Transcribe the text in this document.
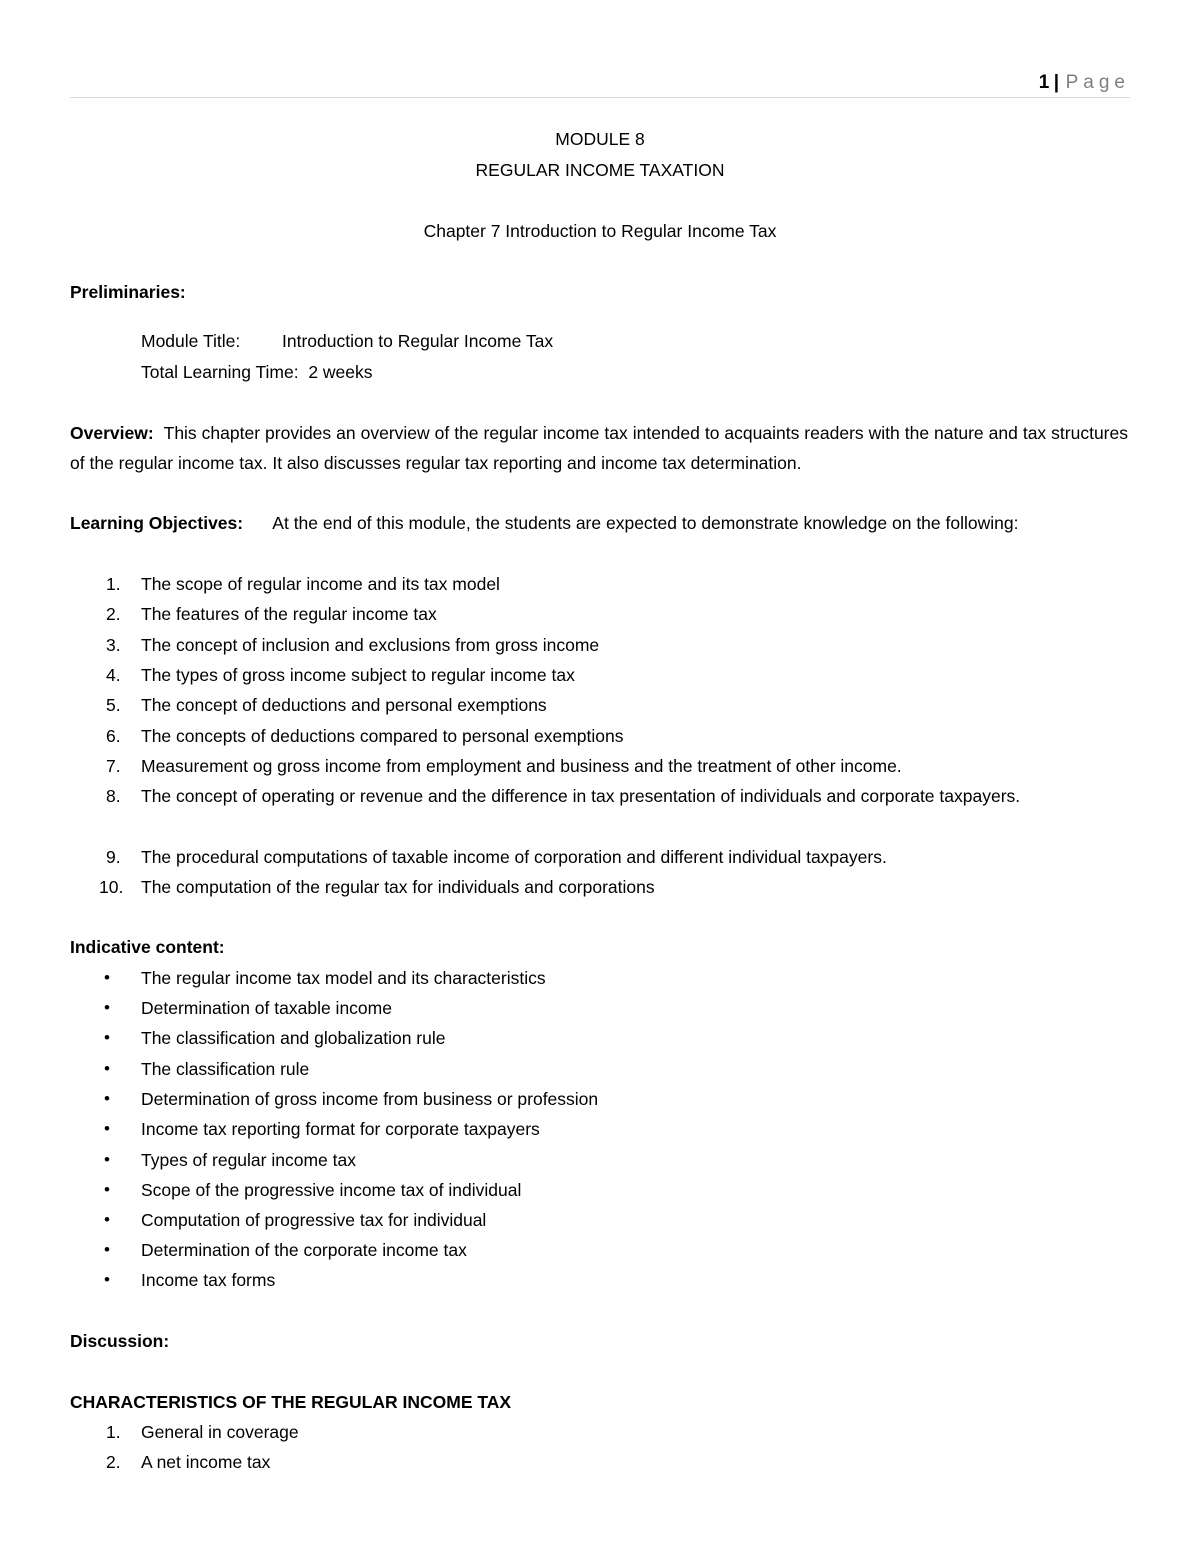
1 | Page
MODULE 8
REGULAR INCOME TAXATION
Chapter 7 Introduction to Regular Income Tax
Preliminaries:
Module Title: Introduction to Regular Income Tax
Total Learning Time: 2 weeks
Overview: This chapter provides an overview of the regular income tax intended to acquaints readers with the nature and tax structures of the regular income tax. It also discusses regular tax reporting and income tax determination.
Learning Objectives: At the end of this module, the students are expected to demonstrate knowledge on the following:
1.	The scope of regular income and its tax model
2.	The features of the regular income tax
3.	The concept of inclusion and exclusions from gross income
4.	The types of gross income subject to regular income tax
5.	The concept of deductions and personal exemptions
6.	The concepts of deductions compared to personal exemptions
7.	Measurement og gross income from employment and business and the treatment of other income.
8.	The concept of operating or revenue and the difference in tax presentation of individuals and corporate taxpayers.
9.	The procedural computations of taxable income of corporation and different individual taxpayers.
10.	The computation of the regular tax for individuals and corporations
Indicative content:
• The regular income tax model and its characteristics
• Determination of taxable income
• The classification and globalization rule
• The classification rule
• Determination of gross income from business or profession
• Income tax reporting format for corporate taxpayers
• Types of regular income tax
• Scope of the progressive income tax of individual
• Computation of progressive tax for individual
• Determination of the corporate income tax
• Income tax forms
Discussion:
CHARACTERISTICS OF THE REGULAR INCOME TAX
1.	General in coverage
2.	A net income tax
